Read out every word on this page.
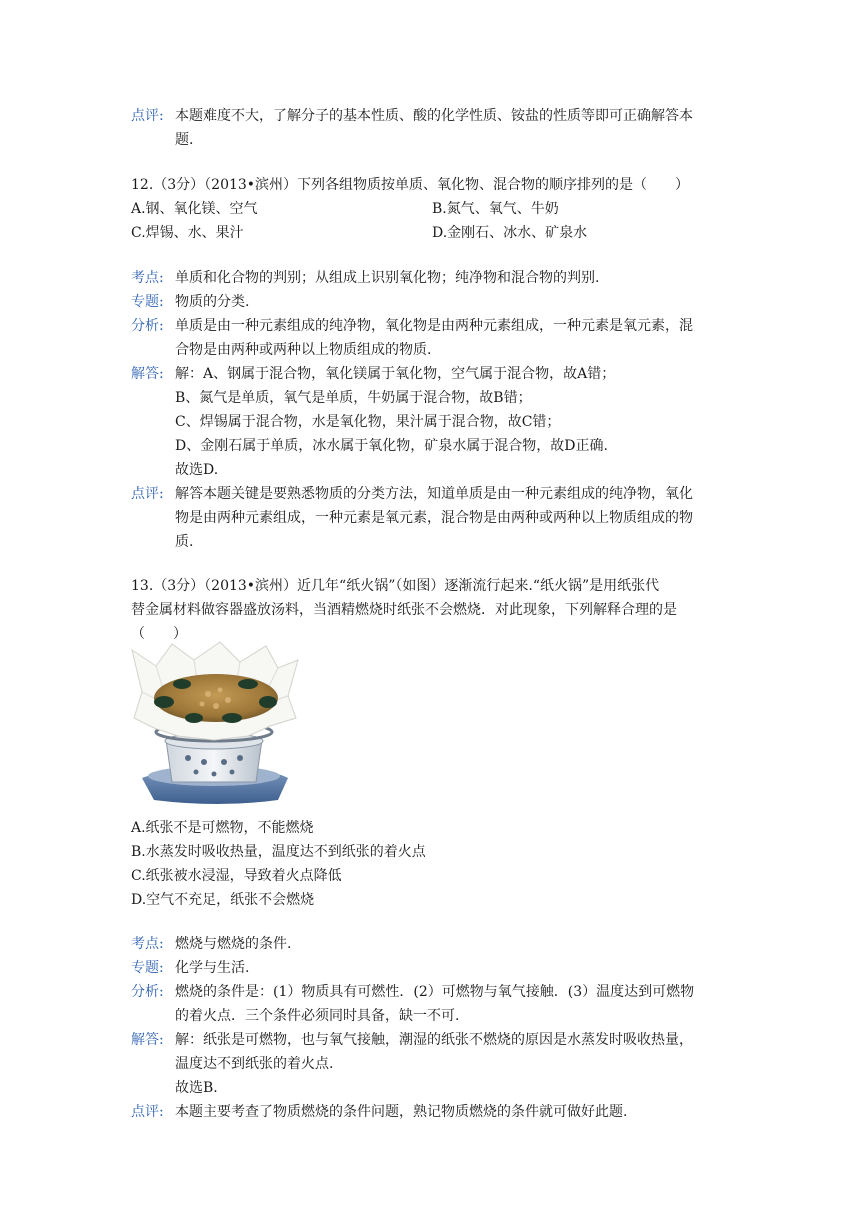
点评: 本题难度不大，了解分子的基本性质、酸的化学性质、铵盐的性质等即可正确解答本
题.
12.（3分）（2013•滨州）下列各组物质按单质、氧化物、混合物的顺序排列的是（　　）
A.钢、氧化镁、空气	B.氮气、氧气、牛奶
C.焊锡、水、果汁	D.金刚石、冰水、矿泉水
考点: 单质和化合物的判别；从组成上识别氧化物；纯净物和混合物的判别.
专题: 物质的分类.
分析: 单质是由一种元素组成的纯净物，氧化物是由两种元素组成，一种元素是氧元素，混
合物是由两种或两种以上物质组成的物质.
解答: 解：A、钢属于混合物，氧化镁属于氧化物，空气属于混合物，故A错；
B、氮气是单质，氧气是单质，牛奶属于混合物，故B错；
C、焊锡属于混合物，水是氧化物，果汁属于混合物，故C错；
D、金刚石属于单质，冰水属于氧化物，矿泉水属于混合物，故D正确.
故选D.
点评: 解答本题关键是要熟悉物质的分类方法，知道单质是由一种元素组成的纯净物，氧化
物是由两种元素组成，一种元素是氧元素，混合物是由两种或两种以上物质组成的物
质.
13.（3分）（2013•滨州）近几年“纸火锅”（如图）逐渐流行起来.“纸火锅”是用纸张代
替金属材料做容器盛放汤料，当酒精燃烧时纸张不会燃烧．对此现象，下列解释合理的是
（　　）
A.纸张不是可燃物，不能燃烧
B.水蒸发时吸收热量，温度达不到纸张的着火点
C.纸张被水浸湿，导致着火点降低
D.空气不充足，纸张不会燃烧
考点: 燃烧与燃烧的条件.
专题: 化学与生活.
分析: 燃烧的条件是：(1）物质具有可燃性．(2）可燃物与氧气接触．(3）温度达到可燃物
的着火点．三个条件必须同时具备，缺一不可.
解答: 解：纸张是可燃物，也与氧气接触，潮湿的纸张不燃烧的原因是水蒸发时吸收热量，
温度达不到纸张的着火点.
故选B.
点评: 本题主要考查了物质燃烧的条件问题，熟记物质燃烧的条件就可做好此题.
